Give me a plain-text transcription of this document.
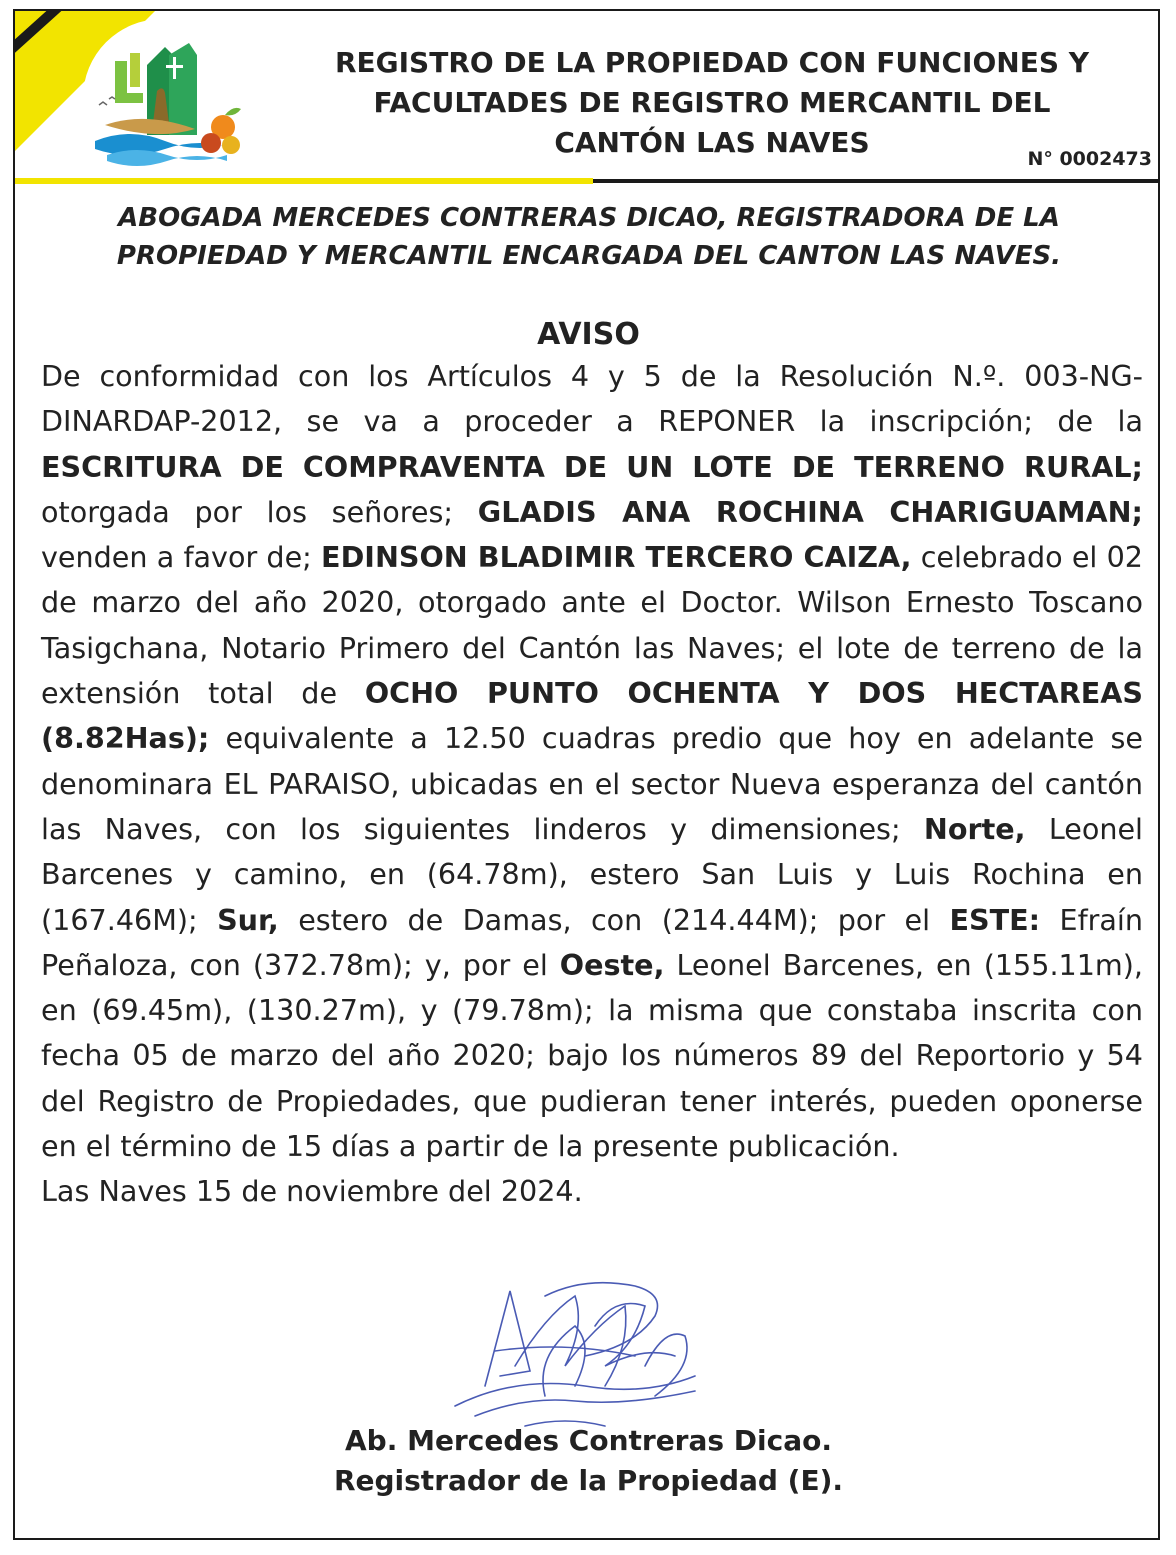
REGISTRO DE LA PROPIEDAD CON FUNCIONES Y
FACULTADES DE REGISTRO MERCANTIL DEL
CANTÓN LAS NAVES	N° 0002473
ABOGADA MERCEDES CONTRERAS DICAO, REGISTRADORA DE LA
PROPIEDAD Y MERCANTIL ENCARGADA DEL CANTON LAS NAVES.
AVISO
De conformidad con los Artículos 4 y 5 de la Resolución N.º. 003-NG- DINARDAP-2012, se va a proceder a REPONER la inscripción; de la ESCRITURA DE COMPRAVENTA DE UN LOTE DE TERRENO RURAL; otorgada por los señores; GLADIS ANA ROCHINA CHARIGUAMAN; venden a favor de; EDINSON BLADIMIR TERCERO CAIZA, celebrado el 02 de marzo del año 2020, otorgado ante el Doctor. Wilson Ernesto Toscano Tasigchana, Notario Primero del Cantón las Naves; el lote de terreno de la extensión total de OCHO PUNTO OCHENTA Y DOS HECTAREAS (8.82Has); equivalente a 12.50 cuadras predio que hoy en adelante se denominara EL PARAISO, ubicadas en el sector Nueva esperanza del cantón las Naves, con los siguientes linderos y dimensiones; Norte, Leonel Barcenes y camino, en (64.78m), estero San Luis y Luis Rochina en (167.46M); Sur, estero de Damas, con (214.44M); por el ESTE: Efraín Peñaloza, con (372.78m); y, por el Oeste, Leonel Barcenes, en (155.11m), en (69.45m), (130.27m), y (79.78m); la misma que constaba inscrita con fecha 05 de marzo del año 2020; bajo los números 89 del Reportorio y 54 del Registro de Propiedades, que pudieran tener interés, pueden oponerse en el término de 15 días a partir de la presente publicación.
Las Naves 15 de noviembre del 2024.
Ab. Mercedes Contreras Dicao.
Registrador de la Propiedad (E).
